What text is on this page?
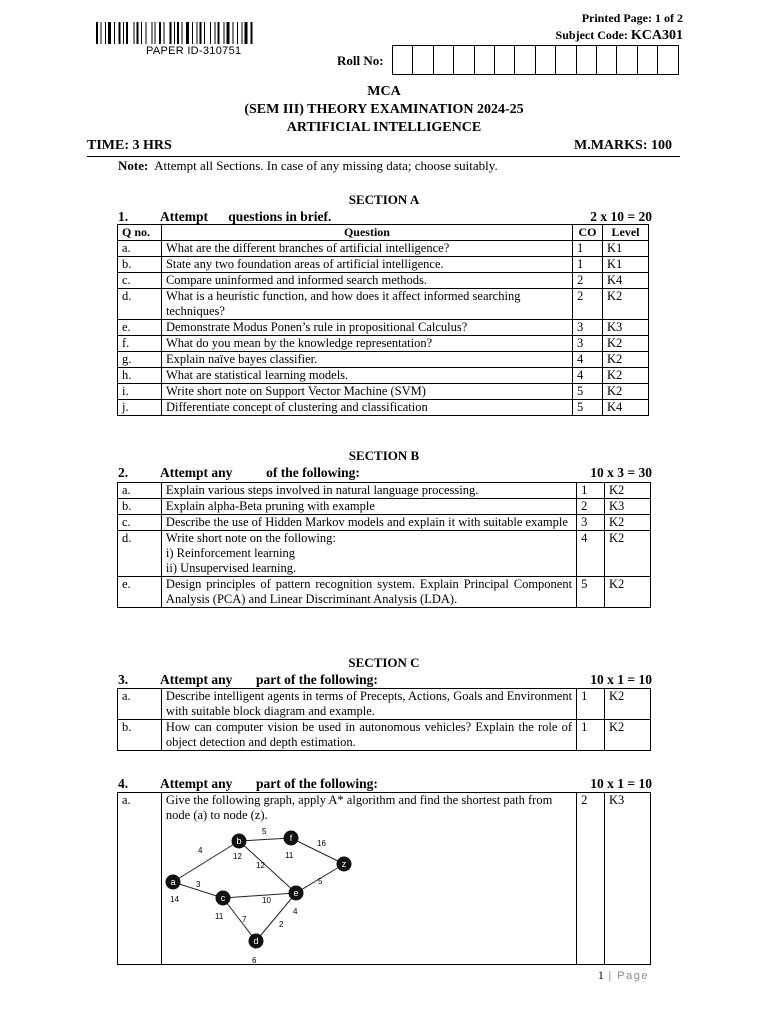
PAPER ID-310751
Printed Page: 1 of 2
Subject Code: KCA301
Roll No:
MCA
(SEM III) THEORY EXAMINATION 2024-25
ARTIFICIAL INTELLIGENCE
TIME: 3 HRS	M.MARKS: 100
Note:  Attempt all Sections. In case of any missing data; choose suitably.
SECTION A
1. Attempt      questions in brief.	2 x 10 = 20
Q no.	Question	CO	Level
a.	What are the different branches of artificial intelligence?	1	K1
b.	State any two foundation areas of artificial intelligence.	1	K1
c.	Compare uninformed and informed search methods.	2	K4
d.	What is a heuristic function, and how does it affect informed searching techniques?	2	K2
e.	Demonstrate Modus Ponen’s rule in propositional Calculus?	3	K3
f.	What do you mean by the knowledge representation?	3	K2
g.	Explain naïve bayes classifier.	4	K2
h.	What are statistical learning models.	4	K2
i.	Write short note on Support Vector Machine (SVM)	5	K2
j.	Differentiate concept of clustering and classification	5	K4
SECTION B
2. Attempt any          of the following:	10 x 3 = 30
a.	Explain various steps involved in natural language processing.	1	K2
b.	Explain alpha-Beta pruning with example	2	K3
c.	Describe the use of Hidden Markov models and explain it with suitable example	3	K2
d.	Write short note on the following:
i) Reinforcement learning
ii) Unsupervised learning.	4	K2
e.	Design principles of pattern recognition system. Explain Principal Component Analysis (PCA) and Linear Discriminant Analysis (LDA).	5	K2
SECTION C
3. Attempt any       part of the following:	10 x 1 = 10
a.	Describe intelligent agents in terms of Precepts, Actions, Goals and Environment with suitable block diagram and example.	1	K2
b.	How can computer vision be used in autonomous vehicles? Explain the role of object detection and depth estimation.	1	K2
4. Attempt any       part of the following:	10 x 1 = 10
a.	Give the following graph, apply A* algorithm and find the shortest path from node (a) to node (z).
4
3
5
12
10
7
2
5
16
a
14
b
12
c
11
d
6
e
4
f
11
z
	2	K3
1 | Page
